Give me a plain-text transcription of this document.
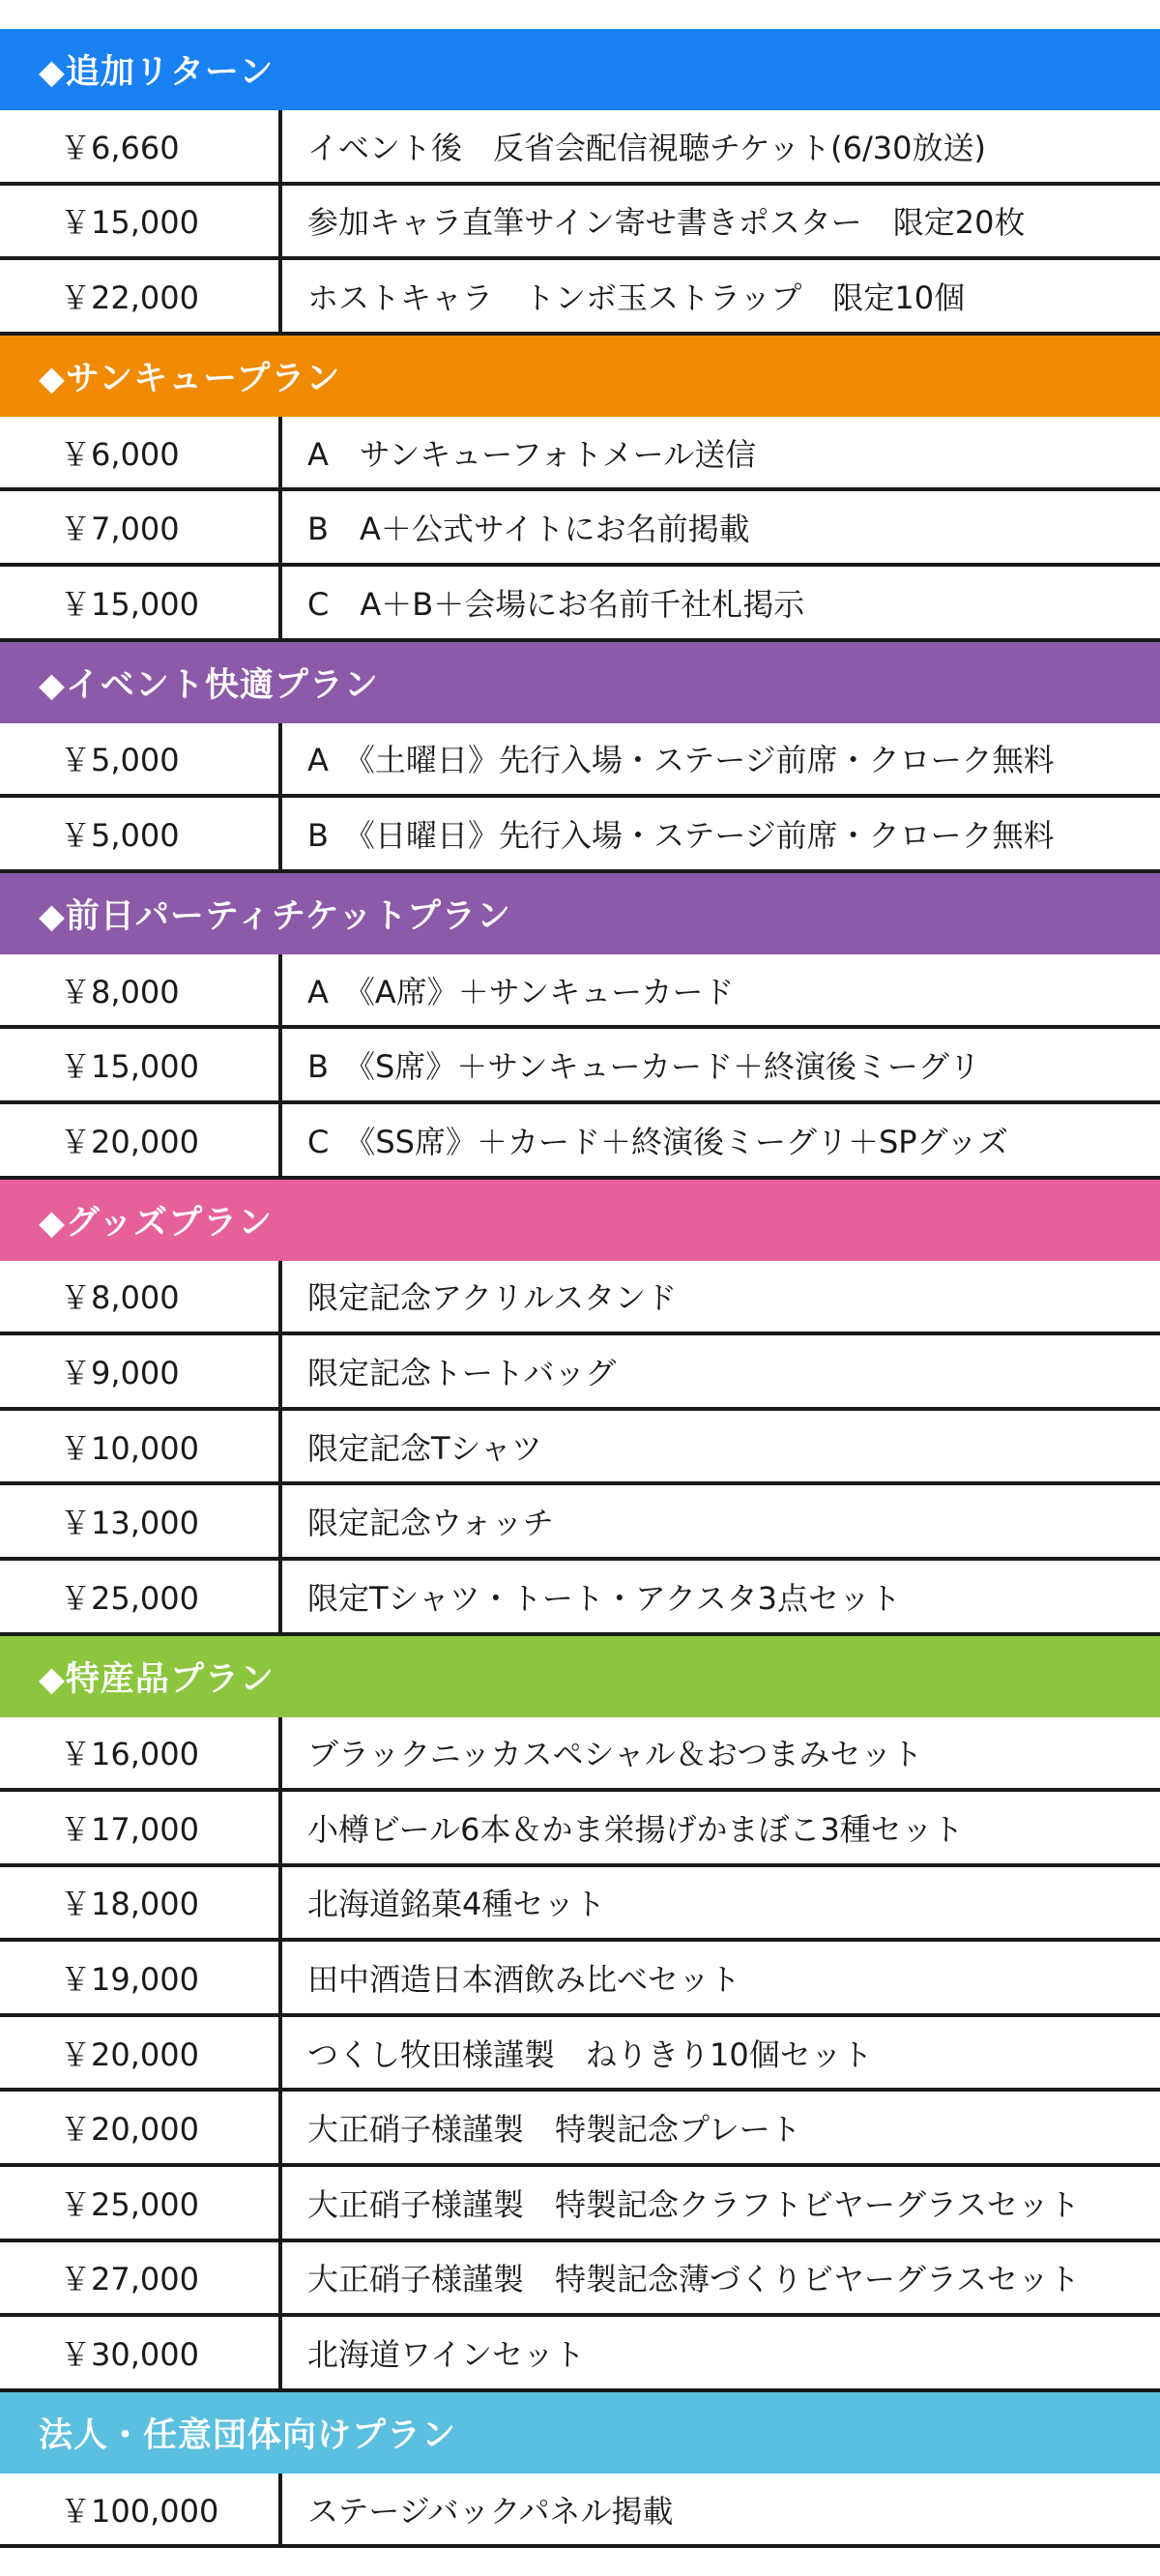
◆追加リターン
￥6,660	イベント後　反省会配信視聴チケット(6/30放送)
￥15,000	参加キャラ直筆サイン寄せ書きポスター　限定20枚
￥22,000	ホストキャラ　トンボ玉ストラップ　限定10個
◆サンキュープラン
￥6,000	A　サンキューフォトメール送信
￥7,000	B　A＋公式サイトにお名前掲載
￥15,000	C　A＋B＋会場にお名前千社札掲示
◆イベント快適プラン
￥5,000	A　《土曜日》先行入場・ステージ前席・クローク無料
￥5,000	B　《日曜日》先行入場・ステージ前席・クローク無料
◆前日パーティチケットプラン
￥8,000	A　《A席》＋サンキューカード
￥15,000	B　《S席》＋サンキューカード＋終演後ミーグリ
￥20,000	C　《SS席》＋カード＋終演後ミーグリ＋SPグッズ
◆グッズプラン
￥8,000	限定記念アクリルスタンド
￥9,000	限定記念トートバッグ
￥10,000	限定記念Tシャツ
￥13,000	限定記念ウォッチ
￥25,000	限定Tシャツ・トート・アクスタ3点セット
◆特産品プラン
￥16,000	ブラックニッカスペシャル＆おつまみセット
￥17,000	小樽ビール6本＆かま栄揚げかまぼこ3種セット
￥18,000	北海道銘菓4種セット
￥19,000	田中酒造日本酒飲み比べセット
￥20,000	つくし牧田様謹製　ねりきり10個セット
￥20,000	大正硝子様謹製　特製記念プレート
￥25,000	大正硝子様謹製　特製記念クラフトビヤーグラスセット
￥27,000	大正硝子様謹製　特製記念薄づくりビヤーグラスセット
￥30,000	北海道ワインセット
法人・任意団体向けプラン
￥100,000	ステージバックパネル掲載
